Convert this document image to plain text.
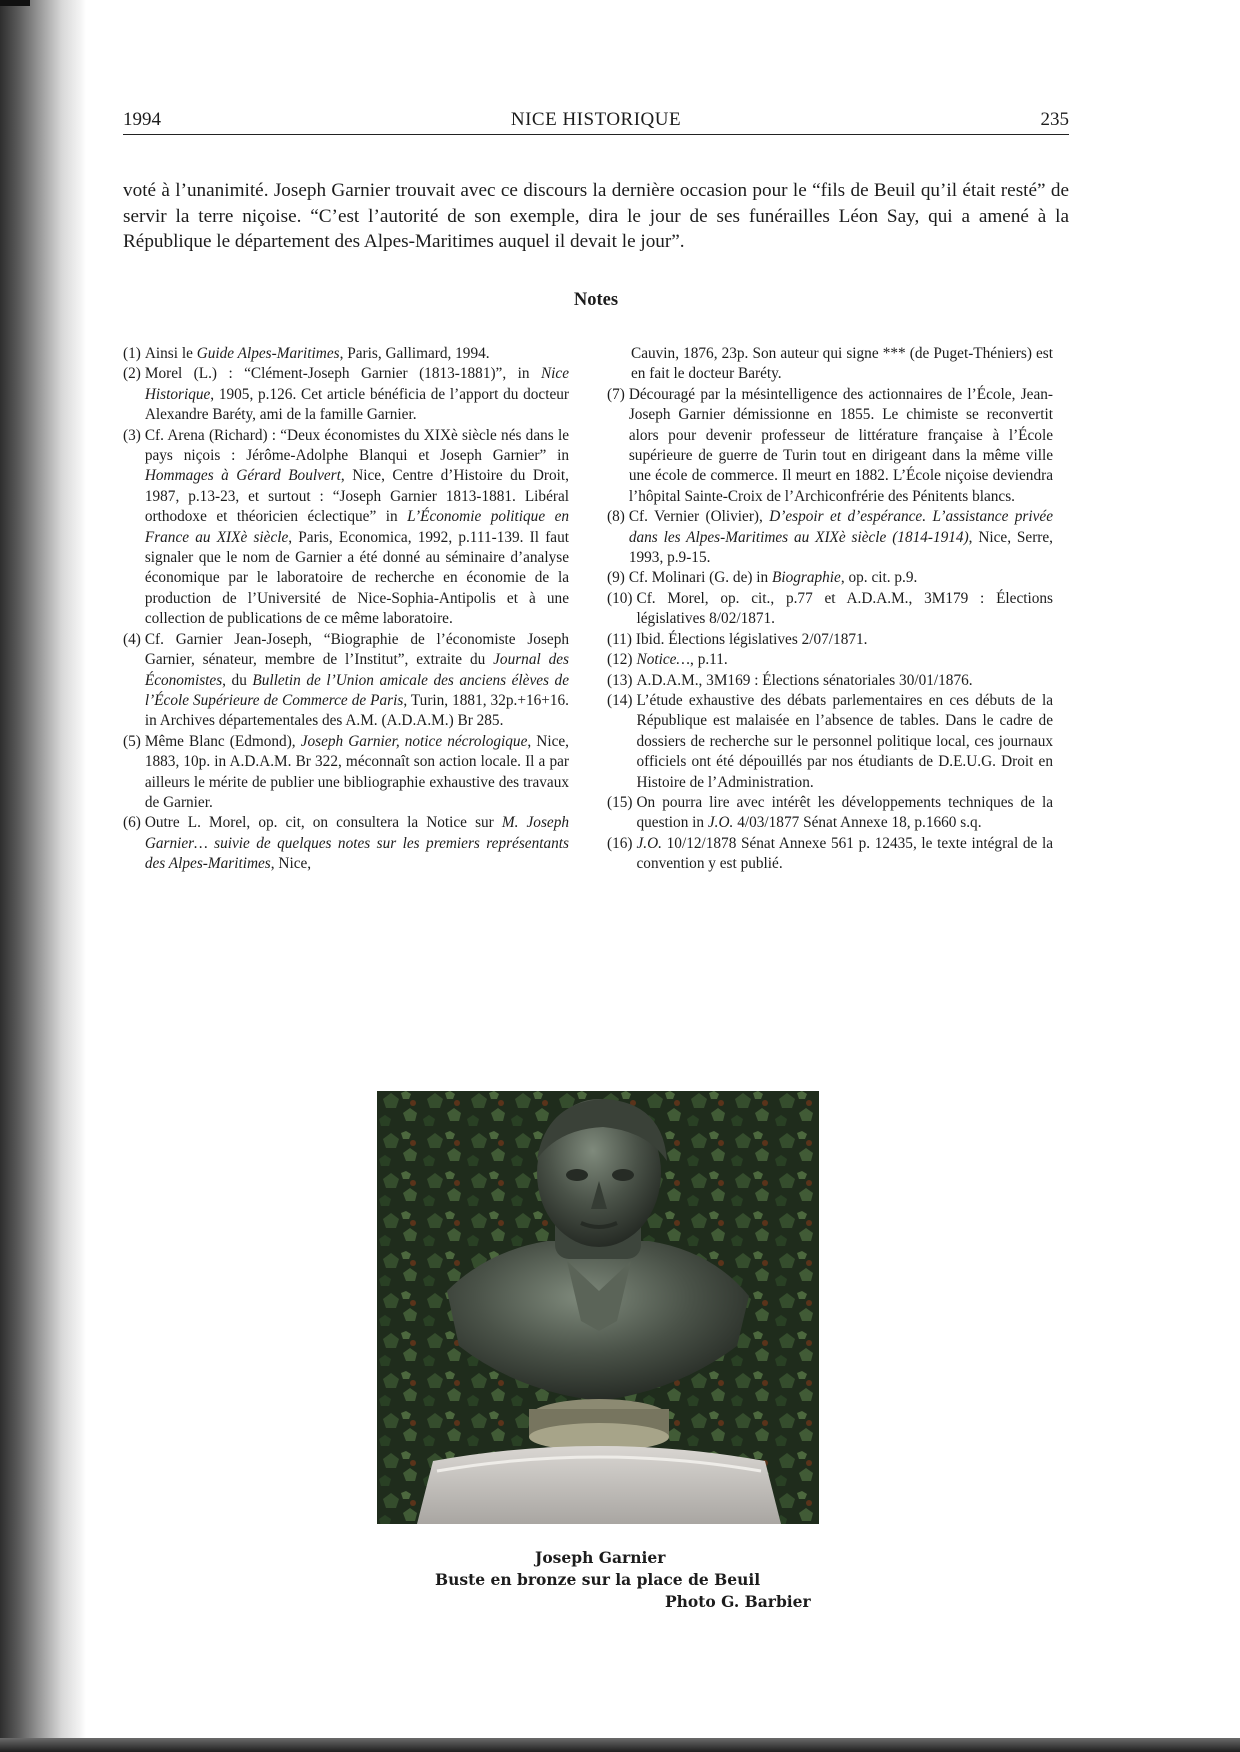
1994	NICE HISTORIQUE	235

voté à l’unanimité. Joseph Garnier trouvait avec ce discours la dernière occasion pour le “fils de Beuil qu’il était resté” de servir la terre niçoise. “C’est l’autorité de son exemple, dira le jour de ses funérailles Léon Say, qui a amené à la République le département des Alpes-Maritimes auquel il devait le jour”.

Notes
(1) Ainsi le Guide Alpes-Maritimes, Paris, Gallimard, 1994.
(2) Morel (L.) : “Clément-Joseph Garnier (1813-1881)”, in Nice Historique, 1905, p.126. Cet article bénéficia de l’apport du docteur Alexandre Baréty, ami de la famille Garnier.
(3) Cf. Arena (Richard) : “Deux économistes du XIXè siècle nés dans le pays niçois : Jérôme-Adolphe Blanqui et Joseph Garnier” in Hommages à Gérard Boulvert, Nice, Centre d’Histoire du Droit, 1987, p.13-23, et surtout : “Joseph Garnier 1813-1881. Libéral orthodoxe et théoricien éclectique” in L’Économie politique en France au XIXè siècle, Paris, Economica, 1992, p.111-139. Il faut signaler que le nom de Garnier a été donné au séminaire d’analyse économique par le laboratoire de recherche en économie de la production de l’Université de Nice-Sophia-Antipolis et à une collection de publications de ce même laboratoire.
(4) Cf. Garnier Jean-Joseph, “Biographie de l’économiste Joseph Garnier, sénateur, membre de l’Institut”, extraite du Journal des Économistes, du Bulletin de l’Union amicale des anciens élèves de l’École Supérieure de Commerce de Paris, Turin, 1881, 32p.+16+16. in Archives départementales des A.M. (A.D.A.M.) Br 285.
(5) Même Blanc (Edmond), Joseph Garnier, notice nécrologique, Nice, 1883, 10p. in A.D.A.M. Br 322, méconnaît son action locale. Il a par ailleurs le mérite de publier une bibliographie exhaustive des travaux de Garnier.
(6) Outre L. Morel, op. cit, on consultera la Notice sur M. Joseph Garnier… suivie de quelques notes sur les premiers représentants des Alpes-Maritimes, Nice,

Cauvin, 1876, 23p. Son auteur qui signe *** (de Puget-Théniers) est en fait le docteur Baréty.

(7) Découragé par la mésintelligence des actionnaires de l’École, Jean-Joseph Garnier démissionne en 1855. Le chimiste se reconvertit alors pour devenir professeur de littérature française à l’École supérieure de guerre de Turin tout en dirigeant dans la même ville une école de commerce. Il meurt en 1882. L’École niçoise deviendra l’hôpital Sainte-Croix de l’Archiconfrérie des Pénitents blancs.
(8) Cf. Vernier (Olivier), D’espoir et d’espérance. L’assistance privée dans les Alpes-Maritimes au XIXè siècle (1814-1914), Nice, Serre, 1993, p.9-15.
(9) Cf. Molinari (G. de) in Biographie, op. cit. p.9.
(10) Cf. Morel, op. cit., p.77 et A.D.A.M., 3M179 : Élections législatives 8/02/1871.
(11) Ibid. Élections législatives 2/07/1871.
(12) Notice…, p.11.
(13) A.D.A.M., 3M169 : Élections sénatoriales 30/01/1876.
(14) L’étude exhaustive des débats parlementaires en ces débuts de la République est malaisée en l’absence de tables. Dans le cadre de dossiers de recherche sur le personnel politique local, ces journaux officiels ont été dépouillés par nos étudiants de D.E.U.G. Droit en Histoire de l’Administration.
(15) On pourra lire avec intérêt les développements techniques de la question in J.O. 4/03/1877 Sénat Annexe 18, p.1660 s.q.
(16) J.O. 10/12/1878 Sénat Annexe 561 p. 12435, le texte intégral de la convention y est publié.
Joseph Garnier
Buste en bronze sur la place de Beuil
Photo G. Barbier
